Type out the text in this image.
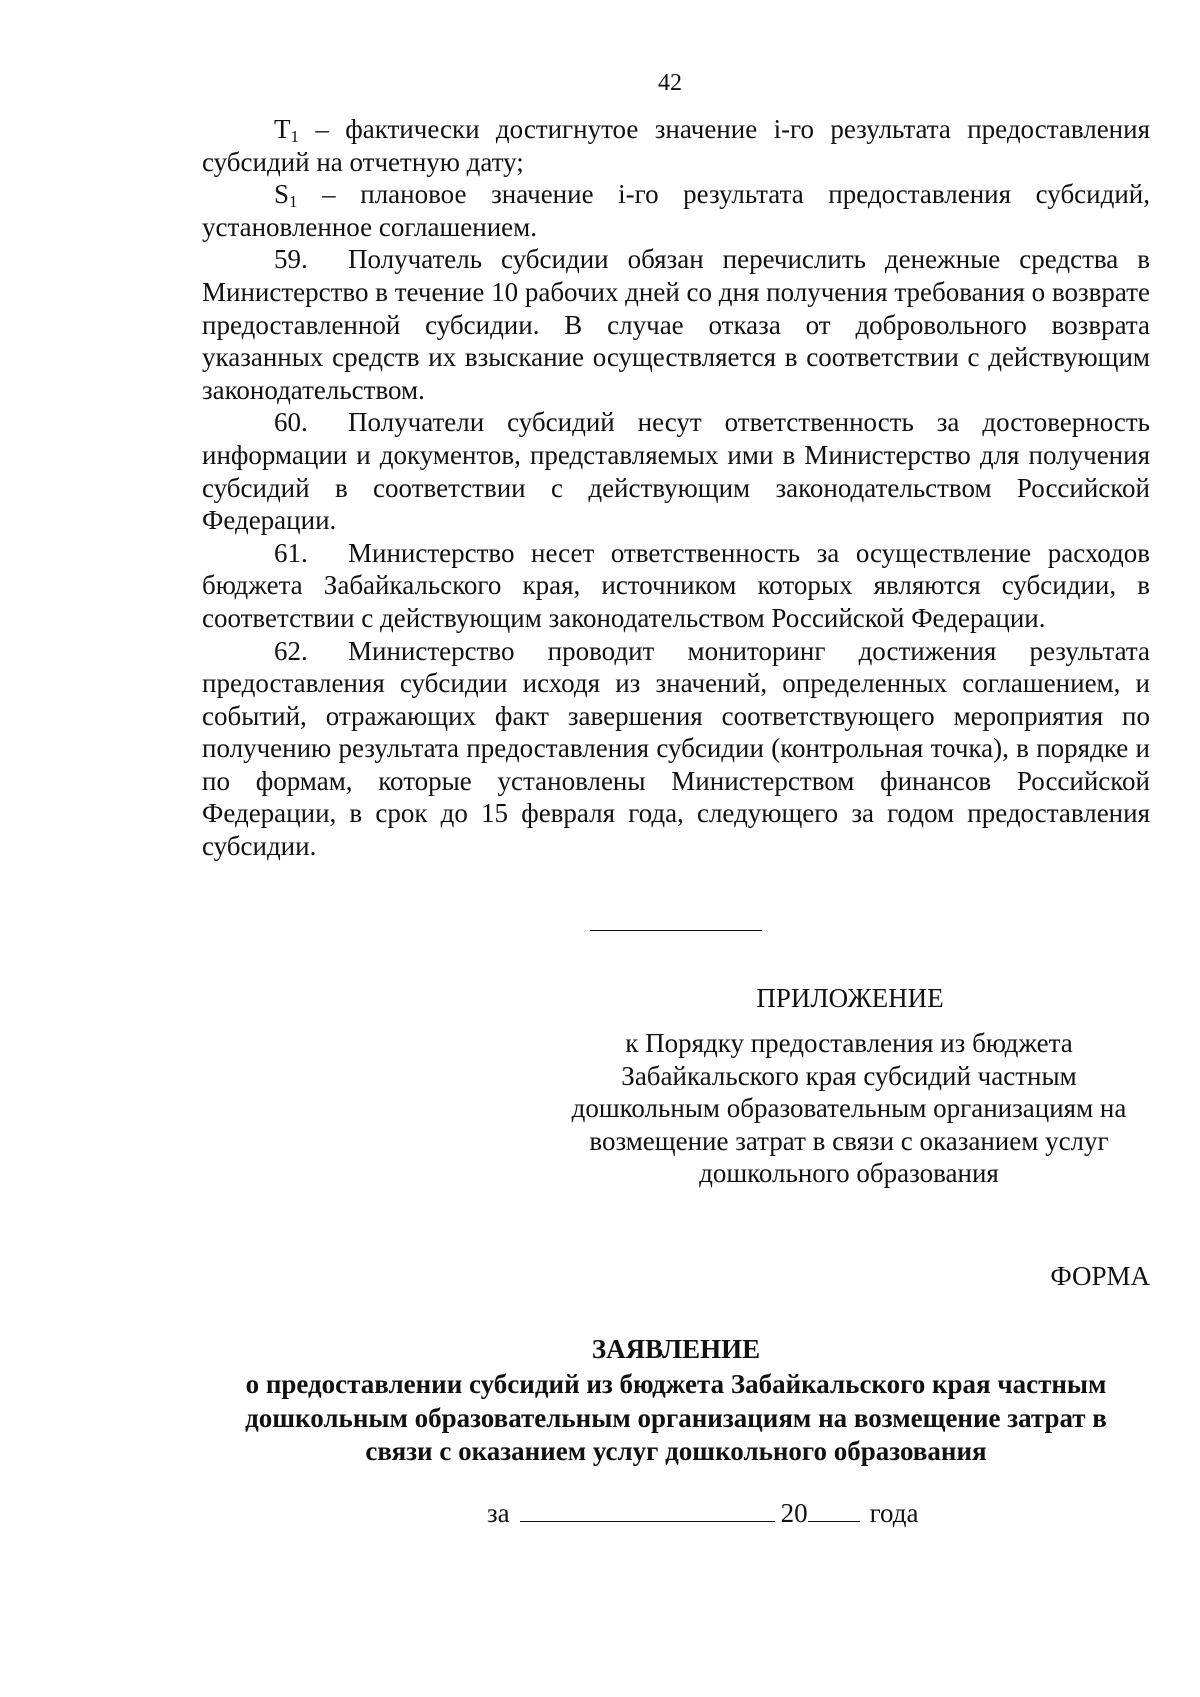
42

$T_1$ – фактически достигнутое значение i-го результата предоставления субсидий на отчетную дату;

$S_1$ – плановое значение i-го результата предоставления субсидий, установленное соглашением.

59. Получатель субсидии обязан перечислить денежные средства в Министерство в течение 10 рабочих дней со дня получения требования о возврате предоставленной субсидии. В случае отказа от добровольного возврата указанных средств их взыскание осуществляется в соответствии с действующим законодательством.

60. Получатели субсидий несут ответственность за достоверность информации и документов, представляемых ими в Министерство для получения субсидий в соответствии с действующим законодательством Российской Федерации.

61. Министерство несет ответственность за осуществление расходов бюджета Забайкальского края, источником которых являются субсидии, в соответствии с действующим законодательством Российской Федерации.

62. Министерство проводит мониторинг достижения результата предоставления субсидии исходя из значений, определенных соглашением, и событий, отражающих факт завершения соответствующего мероприятия по получению результата предоставления субсидии (контрольная точка), в порядке и по формам, которые установлены Министерством финансов Российской Федерации, в срок до 15 февраля года, следующего за годом предоставления субсидии.

ПРИЛОЖЕНИЕ

к Порядку предоставления из бюджета
Забайкальского края субсидий частным
дошкольным образовательным организациям на
возмещение затрат в связи с оказанием услуг
дошкольного образования

ФОРМА
ЗАЯВЛЕНИЕ

о предоставлении субсидий из бюджета Забайкальского края частным
дошкольным образовательным организациям на возмещение затрат в
связи с оказанием услуг дошкольного образования

за	20 года
